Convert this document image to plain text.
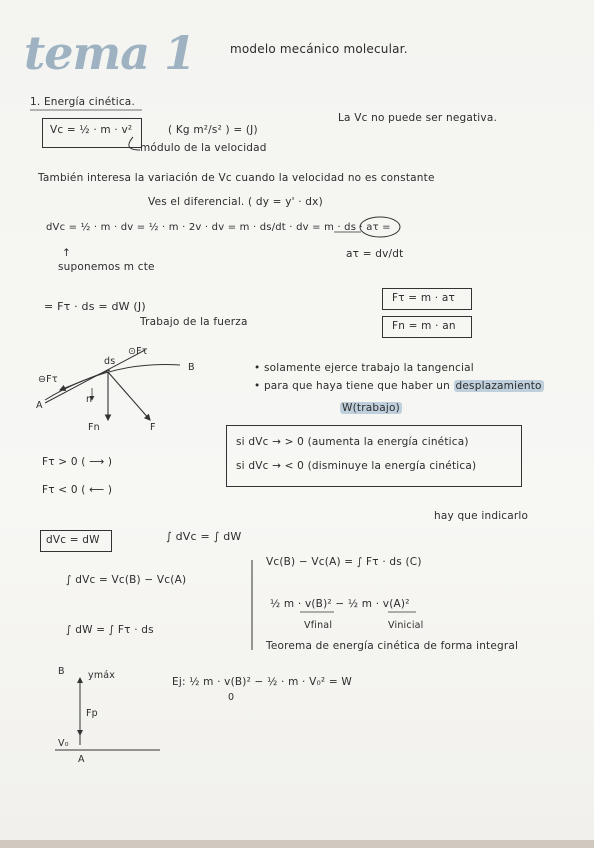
tema 1	modelo mecánico molecular.
1. Energía cinética.
Vc = ½ · m · v²	( Kg m²/s² ) = (J)
La Vc no puede ser negativa.
módulo de la velocidad
También interesa la variación de Vc cuando la velocidad no es constante
Ves el diferencial. ( dy = y' · dx)
dVc = ½ · m · dv = ½ · m · 2v · dv = m · ds/dt · dv = m · ds · aτ =
↑
suponemos m cte
aτ = dv/dt
= Fτ · ds = dW (J)
Trabajo de la fuerza
Fτ = m · aτ
Fn = m · an
ds
⊙Fτ
⊖Fτ
A
B
n
Fn	F
• solamente ejerce trabajo la tangencial
• para que haya tiene que haber un desplazamiento
W(trabajo)
Fτ > 0 ( ⟶ )
Fτ < 0 ( ⟵ )
si dVc → > 0 (aumenta la energía cinética)
si dVc → < 0 (disminuye la energía cinética)
dVc = dW	∫ dVc = ∫ dW
hay que indicarlo
∫ dVc = Vc(B) − Vc(A)
∫ dW = ∫ Fτ · ds
Vc(B) − Vc(A) = ∫ Fτ · ds (C)
½ m · v(B)² − ½ m · v(A)²
Vfinal	Vinicial
Teorema de energía cinética de forma integral
B ymáx
Fp
V₀
A
Ej: ½ m · v(B)² − ½ · m · V₀² = W
0
